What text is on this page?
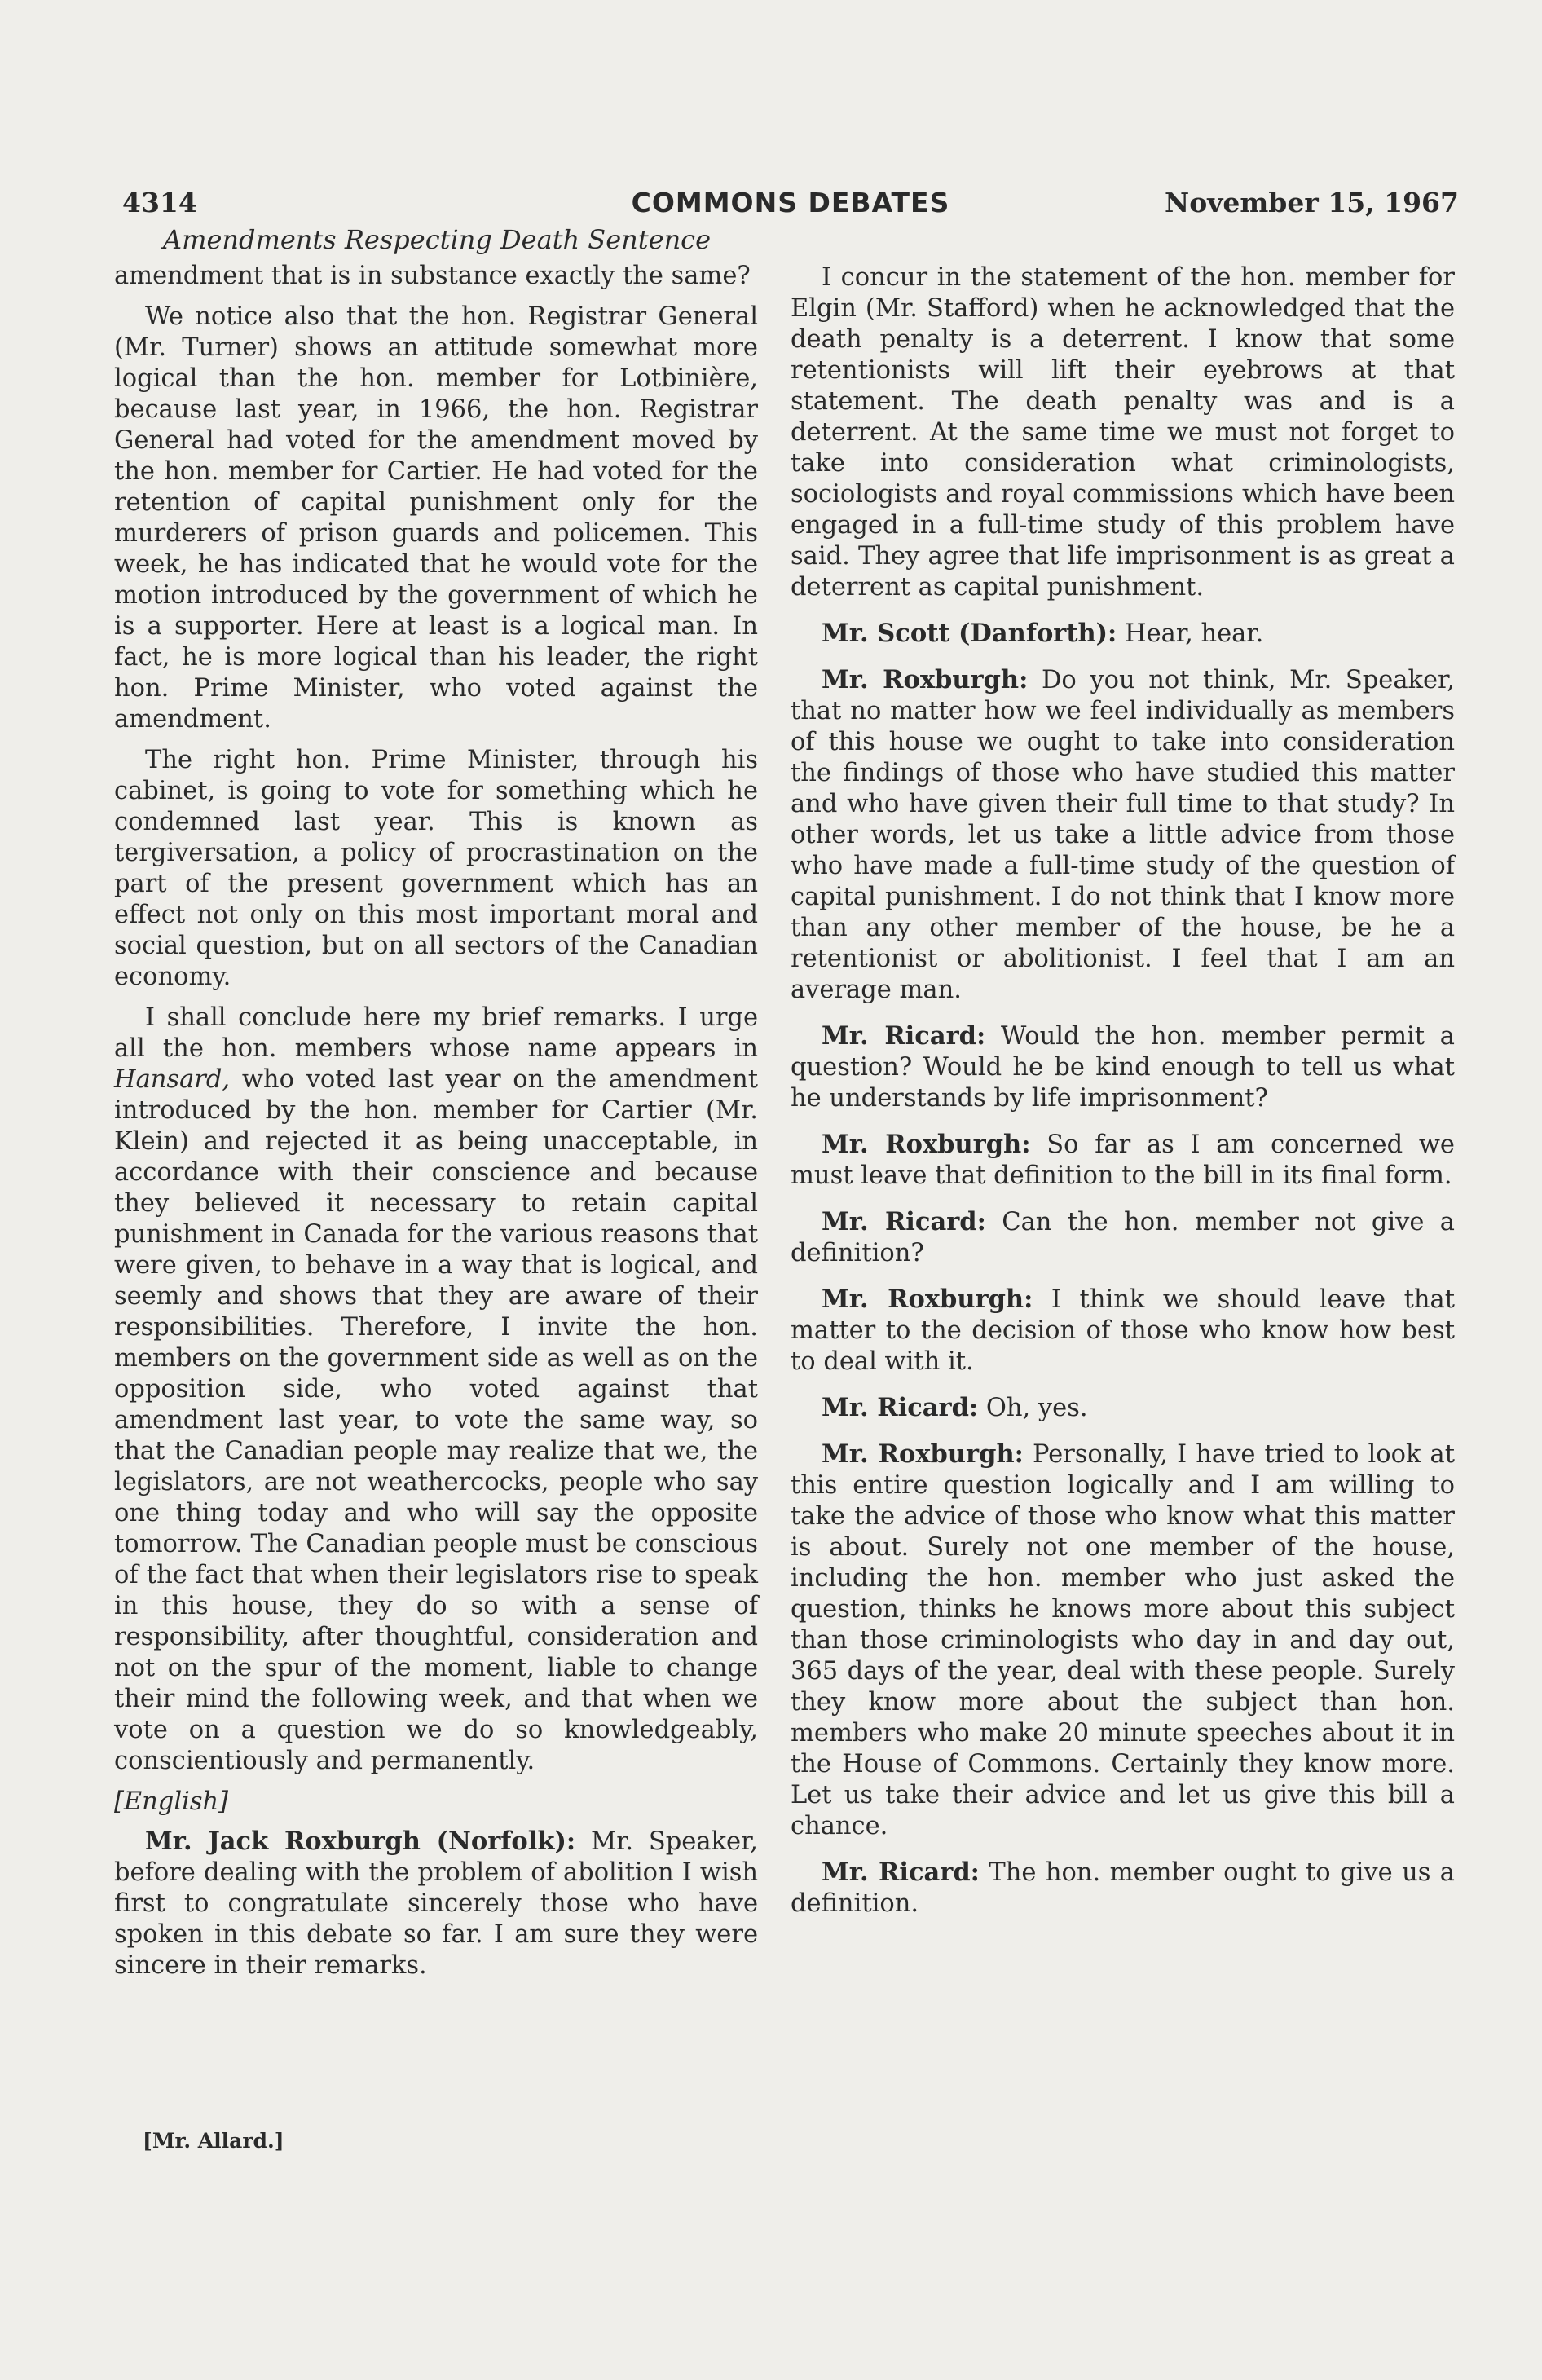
4314	COMMONS DEBATES	November 15, 1967
Amendments Respecting Death Sentence

amendment that is in substance exactly the same?

We notice also that the hon. Registrar General (Mr. Turner) shows an attitude somewhat more logical than the hon. member for Lotbinière, because last year, in 1966, the hon. Registrar General had voted for the amendment moved by the hon. member for Cartier. He had voted for the retention of capital punishment only for the murderers of prison guards and policemen. This week, he has indicated that he would vote for the motion introduced by the government of which he is a supporter. Here at least is a logical man. In fact, he is more logical than his leader, the right hon. Prime Minister, who voted against the amendment.

The right hon. Prime Minister, through his cabinet, is going to vote for something which he condemned last year. This is known as tergiversation, a policy of procrastination on the part of the present government which has an effect not only on this most important moral and social question, but on all sectors of the Canadian economy.

I shall conclude here my brief remarks. I urge all the hon. members whose name appears in Hansard, who voted last year on the amendment introduced by the hon. member for Cartier (Mr. Klein) and rejected it as being unacceptable, in accordance with their conscience and because they believed it necessary to retain capital punishment in Canada for the various reasons that were given, to behave in a way that is logical, and seemly and shows that they are aware of their responsibilities. Therefore, I invite the hon. members on the government side as well as on the opposition side, who voted against that amendment last year, to vote the same way, so that the Canadian people may realize that we, the legislators, are not weathercocks, people who say one thing today and who will say the opposite tomorrow. The Canadian people must be conscious of the fact that when their legislators rise to speak in this house, they do so with a sense of responsibility, after thoughtful, consideration and not on the spur of the moment, liable to change their mind the following week, and that when we vote on a question we do so knowledgeably, conscientiously and permanently.

[English]

Mr. Jack Roxburgh (Norfolk): Mr. Speaker, before dealing with the problem of abolition I wish first to congratulate sincerely those who have spoken in this debate so far. I am sure they were sincere in their remarks.

[Mr. Allard.]

I concur in the statement of the hon. member for Elgin (Mr. Stafford) when he acknowledged that the death penalty is a deterrent. I know that some retentionists will lift their eyebrows at that statement. The death penalty was and is a deterrent. At the same time we must not forget to take into consideration what criminologists, sociologists and royal commissions which have been engaged in a full-time study of this problem have said. They agree that life imprisonment is as great a deterrent as capital punishment.

Mr. Scott (Danforth): Hear, hear.

Mr. Roxburgh: Do you not think, Mr. Speaker, that no matter how we feel individually as members of this house we ought to take into consideration the findings of those who have studied this matter and who have given their full time to that study? In other words, let us take a little advice from those who have made a full-time study of the question of capital punishment. I do not think that I know more than any other member of the house, be he a retentionist or abolitionist. I feel that I am an average man.

Mr. Ricard: Would the hon. member permit a question? Would he be kind enough to tell us what he understands by life imprisonment?

Mr. Roxburgh: So far as I am concerned we must leave that definition to the bill in its final form.

Mr. Ricard: Can the hon. member not give a definition?

Mr. Roxburgh: I think we should leave that matter to the decision of those who know how best to deal with it.

Mr. Ricard: Oh, yes.

Mr. Roxburgh: Personally, I have tried to look at this entire question logically and I am willing to take the advice of those who know what this matter is about. Surely not one member of the house, including the hon. member who just asked the question, thinks he knows more about this subject than those criminologists who day in and day out, 365 days of the year, deal with these people. Surely they know more about the subject than hon. members who make 20 minute speeches about it in the House of Commons. Certainly they know more. Let us take their advice and let us give this bill a chance.

Mr. Ricard: The hon. member ought to give us a definition.
